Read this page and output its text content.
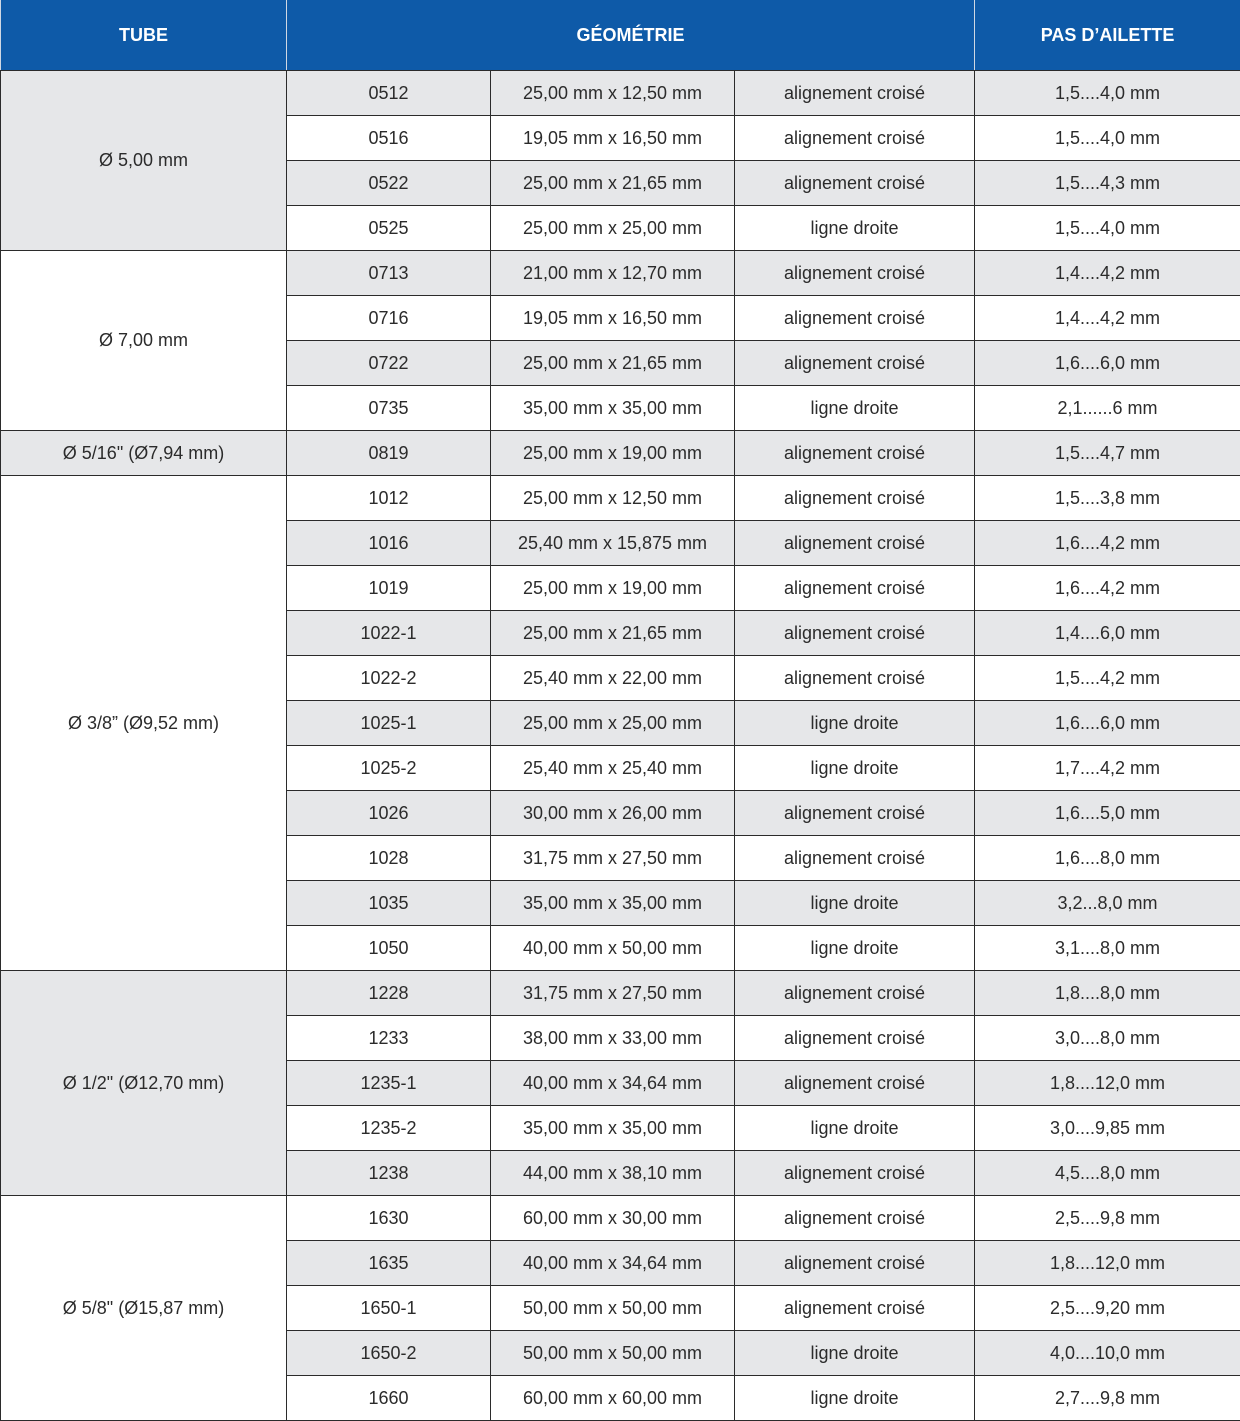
TUBE	GÉOMÉTRIE			PAS D’AILETTE
Ø 5,00 mm	0512	25,00 mm x 12,50 mm	alignement croisé	1,5....4,0 mm
	0516	19,05 mm x 16,50 mm	alignement croisé	1,5....4,0 mm
	0522	25,00 mm x 21,65 mm	alignement croisé	1,5....4,3 mm
	0525	25,00 mm x 25,00 mm	ligne droite	1,5....4,0 mm
Ø 7,00 mm	0713	21,00 mm x 12,70 mm	alignement croisé	1,4....4,2 mm
	0716	19,05 mm x 16,50 mm	alignement croisé	1,4....4,2 mm
	0722	25,00 mm x 21,65 mm	alignement croisé	1,6....6,0 mm
	0735	35,00 mm x 35,00 mm	ligne droite	2,1......6 mm
Ø 5/16" (Ø7,94 mm)	0819	25,00 mm x 19,00 mm	alignement croisé	1,5....4,7 mm
Ø 3/8” (Ø9,52 mm)	1012	25,00 mm x 12,50 mm	alignement croisé	1,5....3,8 mm
	1016	25,40 mm x 15,875 mm	alignement croisé	1,6....4,2 mm
	1019	25,00 mm x 19,00 mm	alignement croisé	1,6....4,2 mm
	1022-1	25,00 mm x 21,65 mm	alignement croisé	1,4....6,0 mm
	1022-2	25,40 mm x 22,00 mm	alignement croisé	1,5....4,2 mm
	1025-1	25,00 mm x 25,00 mm	ligne droite	1,6....6,0 mm
	1025-2	25,40 mm x 25,40 mm	ligne droite	1,7....4,2 mm
	1026	30,00 mm x 26,00 mm	alignement croisé	1,6....5,0 mm
	1028	31,75 mm x 27,50 mm	alignement croisé	1,6....8,0 mm
	1035	35,00 mm x 35,00 mm	ligne droite	3,2...8,0 mm
	1050	40,00 mm x 50,00 mm	ligne droite	3,1....8,0 mm
Ø 1/2" (Ø12,70 mm)	1228	31,75 mm x 27,50 mm	alignement croisé	1,8....8,0 mm
	1233	38,00 mm x 33,00 mm	alignement croisé	3,0....8,0 mm
	1235-1	40,00 mm x 34,64 mm	alignement croisé	1,8....12,0 mm
	1235-2	35,00 mm x 35,00 mm	ligne droite	3,0....9,85 mm
	1238	44,00 mm x 38,10 mm	alignement croisé	4,5....8,0 mm
Ø 5/8" (Ø15,87 mm)	1630	60,00 mm x 30,00 mm	alignement croisé	2,5....9,8 mm
	1635	40,00 mm x 34,64 mm	alignement croisé	1,8....12,0 mm
	1650-1	50,00 mm x 50,00 mm	alignement croisé	2,5....9,20 mm
	1650-2	50,00 mm x 50,00 mm	ligne droite	4,0....10,0 mm
	1660	60,00 mm x 60,00 mm	ligne droite	2,7....9,8 mm
